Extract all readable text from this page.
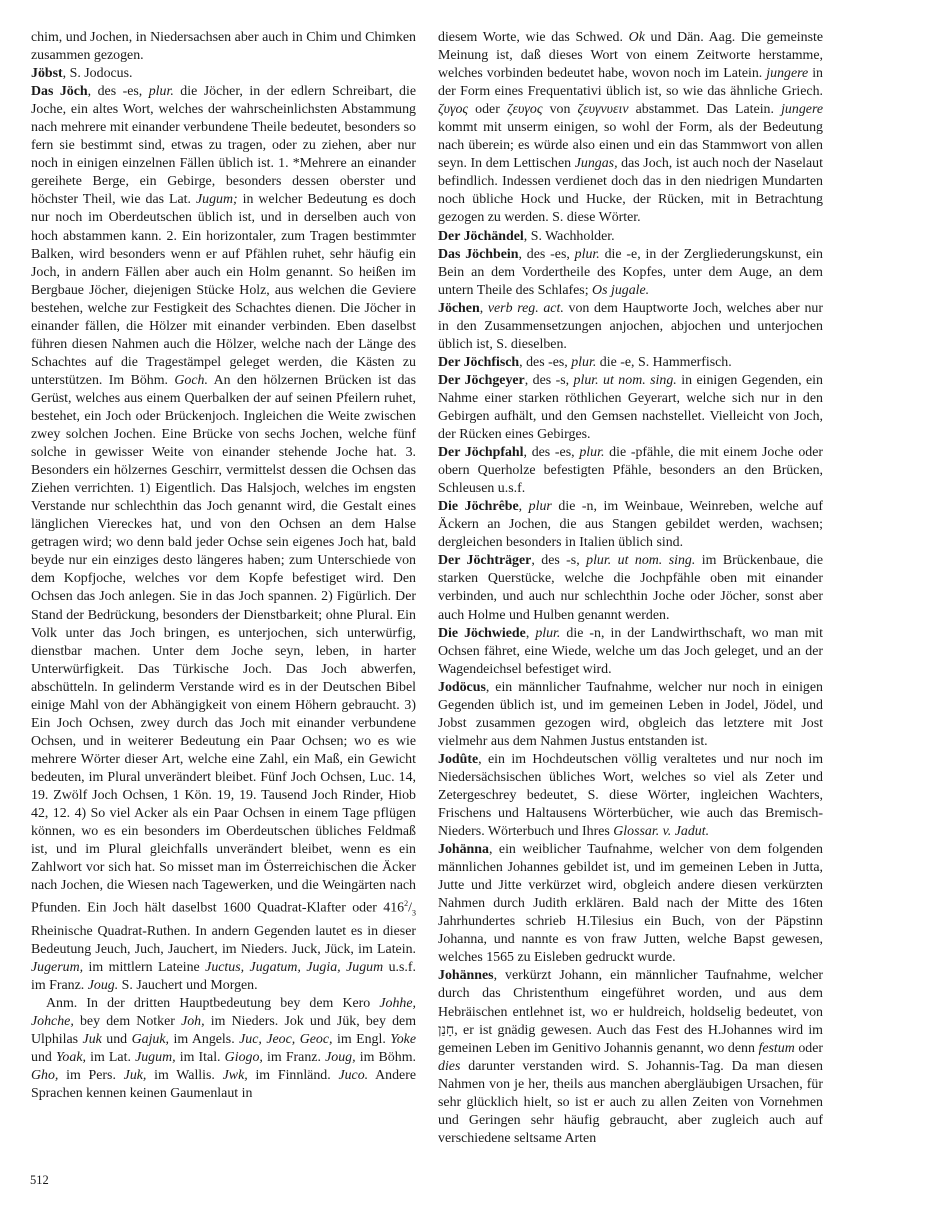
chim, und Jochen, in Niedersachsen aber auch in Chim und Chimken zusammen gezogen.

Jöbst, S. Jodocus.

Das Jöch, des -es, plur. die Jöcher, in der edlern Schreibart, die Joche, ein altes Wort, welches der wahrscheinlichsten Abstammung nach mehrere mit einander verbundene Theile bedeutet, besonders so fern sie bestimmt sind, etwas zu tragen, oder zu ziehen, aber nur noch in einigen einzelnen Fällen üblich ist. 1. *Mehrere an einander gereihete Berge, ein Gebirge, besonders dessen oberster und höchster Theil, wie das Lat. Jugum; in welcher Bedeutung es doch nur noch im Oberdeutschen üblich ist, und in derselben auch von hoch abstammen kann. 2. Ein horizontaler, zum Tragen bestimmter Balken, wird besonders wenn er auf Pfählen ruhet, sehr häufig ein Joch, in andern Fällen aber auch ein Holm genannt. So heißen im Bergbaue Jöcher, diejenigen Stücke Holz, aus welchen die Geviere bestehen, welche zur Festigkeit des Schachtes dienen. Die Jöcher in einander fällen, die Hölzer mit einander verbinden. Eben daselbst führen diesen Nahmen auch die Hölzer, welche nach der Länge des Schachtes auf die Tragestämpel geleget werden, die Kästen zu unterstützen. Im Böhm. Goch. An den hölzernen Brücken ist das Gerüst, welches aus einem Querbalken der auf seinen Pfeilern ruhet, bestehet, ein Joch oder Brückenjoch. Ingleichen die Weite zwischen zwey solchen Jochen. Eine Brücke von sechs Jochen, welche fünf solche in gewisser Weite von einander stehende Joche hat. 3. Besonders ein hölzernes Geschirr, vermittelst dessen die Ochsen das Ziehen verrichten. 1) Eigentlich. Das Halsjoch, welches im engsten Verstande nur schlechthin das Joch genannt wird, die Gestalt eines länglichen Viereckes hat, und von den Ochsen an dem Halse getragen wird; wo denn bald jeder Ochse sein eigenes Joch hat, bald beyde nur ein einziges desto längeres haben; zum Unterschiede von dem Kopfjoche, welches vor dem Kopfe befestiget wird. Den Ochsen das Joch anlegen. Sie in das Joch spannen. 2) Figürlich. Der Stand der Bedrückung, besonders der Dienstbarkeit; ohne Plural. Ein Volk unter das Joch bringen, es unterjochen, sich unterwürfig, dienstbar machen. Unter dem Joche seyn, leben, in harter Unterwürfigkeit. Das Türkische Joch. Das Joch abwerfen, abschütteln. In gelinderm Verstande wird es in der Deutschen Bibel einige Mahl von der Abhängigkeit von einem Höhern gebraucht. 3) Ein Joch Ochsen, zwey durch das Joch mit einander verbundene Ochsen, und in weiterer Bedeutung ein Paar Ochsen; wo es wie mehrere Wörter dieser Art, welche eine Zahl, ein Maß, ein Gewicht bedeuten, im Plural unverändert bleibet. Fünf Joch Ochsen, Luc. 14, 19. Zwölf Joch Ochsen, 1 Kön. 19, 19. Tausend Joch Rinder, Hiob 42, 12. 4) So viel Acker als ein Paar Ochsen in einem Tage pflügen können, wo es ein besonders im Oberdeutschen übliches Feldmaß ist, und im Plural gleichfalls unverändert bleibet, wenn es ein Zahlwort vor sich hat. So misset man im Österreichischen die Äcker nach Jochen, die Wiesen nach Tagewerken, und die Weingärten nach Pfunden. Ein Joch hält daselbst 1600 Quadrat-Klafter oder $416^2/_3$ Rheinische Quadrat-Ruthen. In andern Gegenden lautet es in dieser Bedeutung Jeuch, Juch, Jauchert, im Nieders. Juck, Jück, im Latein. Jugerum, im mittlern Lateine Juctus, Jugatum, Jugia, Jugum u.s.f. im Franz. Joug. S. Jauchert und Morgen.

Anm. In der dritten Hauptbedeutung bey dem Kero Johhe, Johche, bey dem Notker Joh, im Nieders. Jok und Jük, bey dem Ulphilas Juk und Gajuk, im Angels. Juc, Jeoc, Geoc, im Engl. Yoke und Yoak, im Lat. Jugum, im Ital. Giogo, im Franz. Joug, im Böhm. Gho, im Pers. Juk, im Wallis. Jwk, im Finnländ. Juco. Andere Sprachen kennen keinen Gaumenlaut in

diesem Worte, wie das Schwed. Ok und Dän. Aag. Die gemeinste Meinung ist, daß dieses Wort von einem Zeitworte herstamme, welches vorbinden bedeutet habe, wovon noch im Latein. jungere in der Form eines Frequentativi üblich ist, so wie das ähnliche Griech. ζυγος oder ζευγος von ζευγνυειν abstammet. Das Latein. jungere kommt mit unserm einigen, so wohl der Form, als der Bedeutung nach überein; es würde also einen und ein das Stammwort von allen seyn. In dem Lettischen Jungas, das Joch, ist auch noch der Naselaut befindlich. Indessen verdienet doch das in den niedrigen Mundarten noch übliche Hock und Hucke, der Rücken, mit in Betrachtung gezogen zu werden. S. diese Wörter.

Der Jöchändel, S. Wachholder.

Das Jöchbein, des -es, plur. die -e, in der Zergliederungskunst, ein Bein an dem Vordertheile des Kopfes, unter dem Auge, an dem untern Theile des Schlafes; Os jugale.

Jöchen, verb reg. act. von dem Hauptworte Joch, welches aber nur in den Zusammensetzungen anjochen, abjochen und unterjochen üblich ist, S. dieselben.

Der Jöchfisch, des -es, plur. die -e, S. Hammerfisch.

Der Jöchgeyer, des -s, plur. ut nom. sing. in einigen Gegenden, ein Nahme einer starken röthlichen Geyerart, welche sich nur in den Gebirgen aufhält, und den Gemsen nachstellet. Vielleicht von Joch, der Rücken eines Gebirges.

Der Jöchpfahl, des -es, plur. die -pfähle, die mit einem Joche oder obern Querholze befestigten Pfähle, besonders an den Brücken, Schleusen u.s.f.

Die Jöchrêbe, plur die -n, im Weinbaue, Weinreben, welche auf Äckern an Jochen, die aus Stangen gebildet werden, wachsen; dergleichen besonders in Italien üblich sind.

Der Jöchträger, des -s, plur. ut nom. sing. im Brückenbaue, die starken Querstücke, welche die Jochpfähle oben mit einander verbinden, und auch nur schlechthin Joche oder Jöcher, sonst aber auch Holme und Hulben genannt werden.

Die Jöchwiede, plur. die -n, in der Landwirthschaft, wo man mit Ochsen fähret, eine Wiede, welche um das Joch geleget, und an der Wagendeichsel befestiget wird.

Jodöcus, ein männlicher Taufnahme, welcher nur noch in einigen Gegenden üblich ist, und im gemeinen Leben in Jodel, Jödel, und Jobst zusammen gezogen wird, obgleich das letztere mit Jost vielmehr aus dem Nahmen Justus entstanden ist.

Jodûte, ein im Hochdeutschen völlig veraltetes und nur noch im Niedersächsischen übliches Wort, welches so viel als Zeter und Zetergeschrey bedeutet, S. diese Wörter, ingleichen Wachters, Frischens und Haltausens Wörterbücher, wie auch das Bremisch-Nieders. Wörterbuch und Ihres Glossar. v. Jadut.

Johänna, ein weiblicher Taufnahme, welcher von dem folgenden männlichen Johannes gebildet ist, und im gemeinen Leben in Jutta, Jutte und Jitte verkürzet wird, obgleich andere diesen verkürzten Nahmen durch Judith erklären. Bald nach der Mitte des 16ten Jahrhundertes schrieb H.Tilesius ein Buch, von der Päpstinn Johanna, und nannte es von fraw Jutten, welche Bapst gewesen, welches 1565 zu Eisleben gedruckt wurde.

Johännes, verkürzt Johann, ein männlicher Taufnahme, welcher durch das Christenthum eingeführet worden, und aus dem Hebräischen entlehnet ist, wo er huldreich, holdselig bedeutet, von חָנַן, er ist gnädig gewesen. Auch das Fest des H.Johannes wird im gemeinen Leben im Genitivo Johannis genannt, wo denn festum oder dies darunter verstanden wird. S. Johannis-Tag. Da man diesen Nahmen von je her, theils aus manchen abergläubigen Ursachen, für sehr glücklich hielt, so ist er auch zu allen Zeiten von Vornehmen und Geringen sehr häufig gebraucht, aber zugleich auch auf verschiedene seltsame Arten

512
